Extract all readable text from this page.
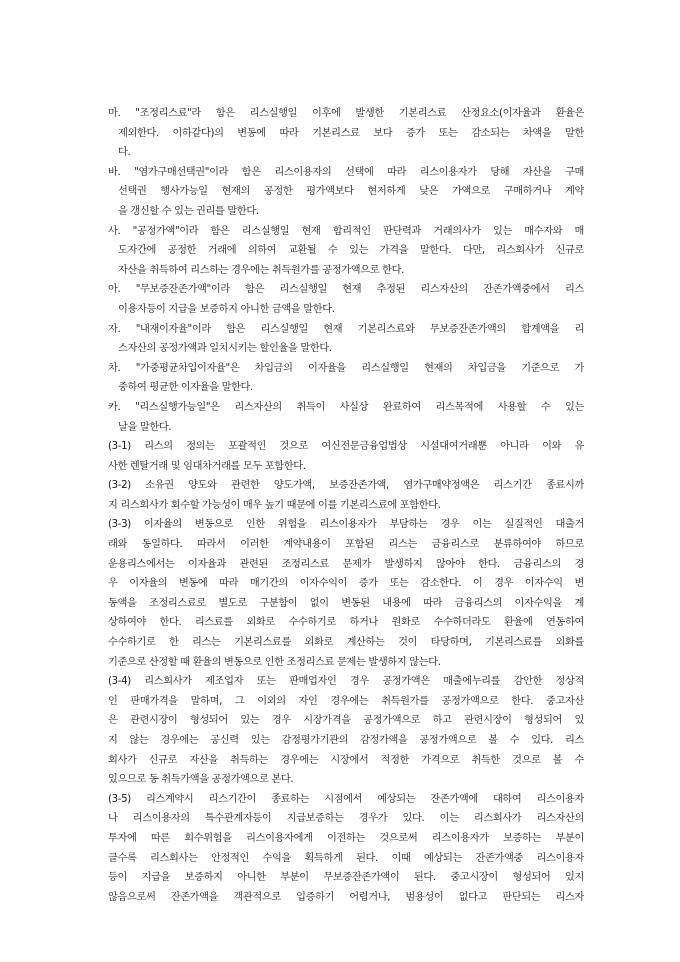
마. "조정리스료"라 함은 리스실행일 이후에 발생한 기본리스료 산정요소(이자율과 환율은
제외한다. 이하같다)의 변동에 따라 기본리스료 보다 증가 또는 감소되는 차액을 말한
다.
바. "염가구매선택권"이라 함은 리스이용자의 선택에 따라 리스이용자가 당해 자산을 구매
선택권 행사가능일 현재의 공정한 평가액보다 현저하게 낮은 가액으로 구매하거나 계약
을 갱신할 수 있는 권리를 말한다.
사. "공정가액"이라 함은 리스실행일 현재 합리적인 판단력과 거래의사가 있는 매수자와 매
도자간에 공정한 거래에 의하여 교환될 수 있는 가격을 말한다. 다만, 리스회사가 신규로
자산을 취득하여 리스하는 경우에는 취득원가를 공정가액으로 한다.
아. "무보증잔존가액"이라 함은 리스실행일 현재 추정된 리스자산의 잔존가액중에서 리스
이용자등이 지급을 보증하지 아니한 금액을 말한다.
자. "내재이자율"이라 함은 리스실행일 현재 기본리스료와 무보증잔존가액의 합계액을 리
스자산의 공정가액과 일치시키는 할인율을 말한다.
차. "가중평균차입이자율"은 차입금의 이자율을 리스실행일 현재의 차입금을 기준으로 가
중하여 평균한 이자율을 말한다.
카. "리스실행가능일"은 리스자산의 취득이 사실상 완료하여 리스목적에 사용할 수 있는
날을 말한다.
(3-1) 리스의 정의는 포괄적인 것으로 여신전문금융업법상 시설대여거래뿐 아니라 이와 유
사한 렌탈거래 및 임대차거래를 모두 포함한다.
(3-2) 소유권 양도와 관련한 양도가액, 보증잔존가액, 염가구매약정액은 리스기간 종료시까
지 리스회사가 회수할 가능성이 매우 높기 때문에 이를 기본리스료에 포함한다.
(3-3) 이자율의 변동으로 인한 위험을 리스이용자가 부담하는 경우 이는 실질적인 대출거
래와 동일하다. 따라서 이러한 계약내용이 포함된 리스는 금융리스로 분류하여야 하므로
운용리스에서는 이자율과 관련된 조정리스료 문제가 발생하지 않아야 한다. 금융리스의 경
우 이자율의 변동에 따라 매기간의 이자수익이 증가 또는 감소한다. 이 경우 이자수익 변
동액을 조정리스료로 별도로 구분함이 없이 변동된 내용에 따라 금융리스의 이자수익을 계
상하여야 한다. 리스료를 외화로 수수하기로 하거나 원화로 수수하더라도 환율에 연동하여
수수하기로 한 리스는 기본리스료를 외화로 계산하는 것이 타당하며, 기본리스료를 외화를
기준으로 산정할 때 환율의 변동으로 인한 조정리스료 문제는 발생하지 않는다.
(3-4) 리스회사가 제조업자 또는 판매업자인 경우 공정가액은 매출에누리를 감안한 정상적
인 판매가격을 말하며, 그 이외의 자인 경우에는 취득원가를 공정가액으로 한다. 중고자산
은 관련시장이 형성되어 있는 경우 시장가격을 공정가액으로 하고 관련시장이 형성되어 있
지 않는 경우에는 공신력 있는 감정평가기관의 감정가액을 공정가액으로 볼 수 있다. 리스
회사가 신규로 자산을 취득하는 경우에는 시장에서 적정한 가격으로 취득한 것으로 볼 수
있으므로 동 취득가액을 공정가액으로 본다.
(3-5) 리스계약시 리스기간이 종료하는 시점에서 예상되는 잔존가액에 대하여 리스이용자
나 리스이용자의 특수관계자등이 지급보증하는 경우가 있다. 이는 리스회사가 리스자산의
투자에 따른 회수위험을 리스이용자에게 이전하는 것으로써 리스이용자가 보증하는 부분이
클수록 리스회사는 안정적인 수익을 획득하게 된다. 이때 예상되는 잔존가액중 리스이용자
등이 지급을 보증하지 아니한 부분이 무보증잔존가액이 된다. 중고시장이 형성되어 있지
않음으로써 잔존가액을 객관적으로 입증하기 어렵거나, 범용성이 없다고 판단되는 리스자
